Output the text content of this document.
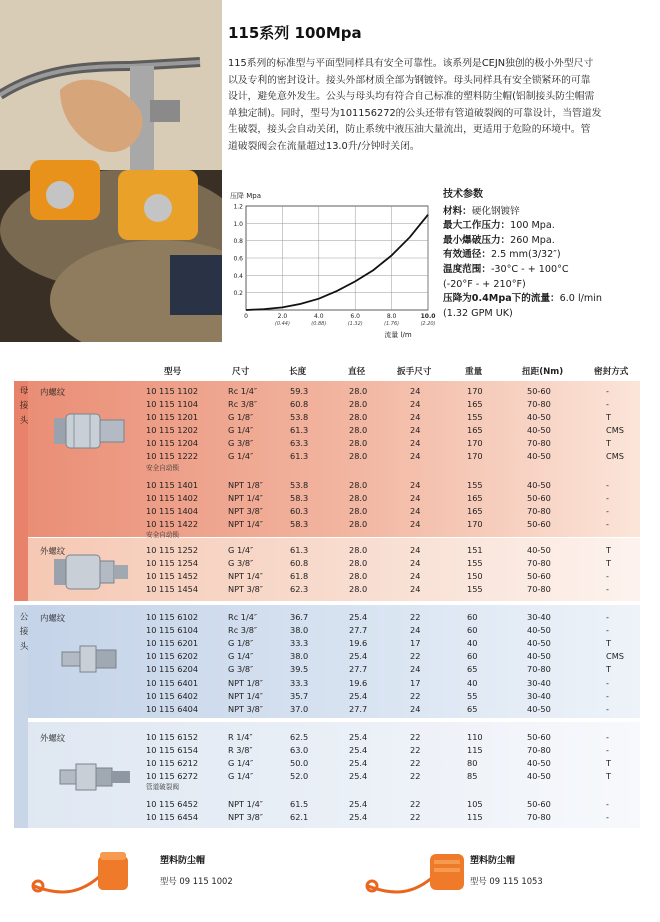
115系列 100Mpa
115系列的标准型与平面型同样具有安全可靠性。该系列是CEJN独创的极小外型尺寸
以及专利的密封设计。接头外部材质全部为钢镀锌。母头同样具有安全锁紧环的可靠
设计，避免意外发生。公头与母头均有符合自己标准的塑料防尘帽(铝制接头防尘帽需
单独定制)。同时，型号为101156272的公头还带有管道破裂阀的可靠设计，当管道发
生破裂，接头会自动关闭，防止系统中液压油大量流出，更适用于危险的环境中。管
道破裂阀会在流量超过13.0升/分钟时关闭。
压降 Mpa
0.2
0.4
0.6
0.8
1.0
1.2
0	2.0	4.0	6.0	8.0	10.0
(0.44)	(0.88)	(1.32)	(1.76)	(2.20)
流量 l/m
技术参数
材料：硬化钢镀锌
最大工作压力：100 Mpa.
最小爆破压力：260 Mpa.
有效通径：2.5 mm(3/32″)
温度范围：-30°C - + 100°C
(-20°F - + 210°F)
压降为0.4Mpa下的流量：6.0 l/min
(1.32 GPM UK)
型号	尺寸	长度	直径	扳手尺寸	重量	扭距(Nm)	密封方式
母接头
公接头
内螺纹
外螺纹
内螺纹
外螺纹
10 115 1102	Rc 1/4″	59.3	28.0	24	170	50-60	-
10 115 1104	Rc 3/8″	60.8	28.0	24	165	70-80	-
10 115 1201	G 1/8″	53.8	28.0	24	155	40-50	T
10 115 1202	G 1/4″	61.3	28.0	24	165	40-50	CMS
10 115 1204	G 3/8″	63.3	28.0	24	170	70-80	T
10 115 1222	G 1/4″	61.3	28.0	24	170	40-50	CMS
10 115 1401	NPT 1/8″	53.8	28.0	24	155	40-50	-
10 115 1402	NPT 1/4″	58.3	28.0	24	165	50-60	-
10 115 1404	NPT 3/8″	60.3	28.0	24	165	70-80	-
10 115 1422	NPT 1/4″	58.3	28.0	24	170	50-60	-
10 115 1252	G 1/4″	61.3	28.0	24	151	40-50	T
10 115 1254	G 3/8″	60.8	28.0	24	155	70-80	T
10 115 1452	NPT 1/4″	61.8	28.0	24	150	50-60	-
10 115 1454	NPT 3/8″	62.3	28.0	24	155	70-80	-
10 115 6102	Rc 1/4″	36.7	25.4	22	60	30-40	-
10 115 6104	Rc 3/8″	38.0	27.7	24	60	40-50	-
10 115 6201	G 1/8″	33.3	19.6	17	40	40-50	T
10 115 6202	G 1/4″	38.0	25.4	22	60	40-50	CMS
10 115 6204	G 3/8″	39.5	27.7	24	65	70-80	T
10 115 6401	NPT 1/8″	33.3	19.6	17	40	30-40	-
10 115 6402	NPT 1/4″	35.7	25.4	22	55	30-40	-
10 115 6404	NPT 3/8″	37.0	27.7	24	65	40-50	-
10 115 6152	R 1/4″	62.5	25.4	22	110	50-60	-
10 115 6154	R 3/8″	63.0	25.4	22	115	70-80	-
10 115 6212	G 1/4″	50.0	25.4	22	80	40-50	T
10 115 6272	G 1/4″	52.0	25.4	22	85	40-50	T
10 115 6452	NPT 1/4″	61.5	25.4	22	105	50-60	-
10 115 6454	NPT 3/8″	62.1	25.4	22	115	70-80	-
安全自动锁
安全自动锁
管道破裂阀
塑料防尘帽
型号 09 115 1002
塑料防尘帽
型号 09 115 1053
